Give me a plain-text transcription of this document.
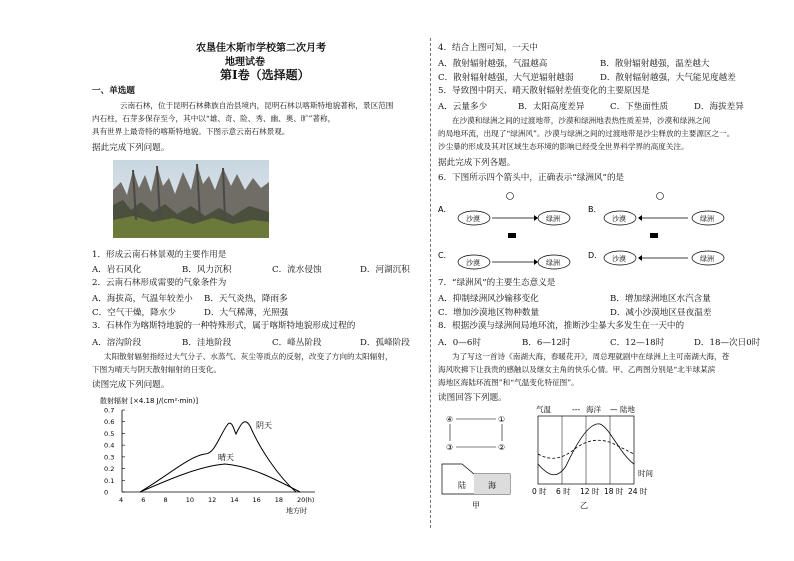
农垦佳木斯市学校第二次月考
地理试卷
第Ⅰ卷（选择题）
一、单选题
云南石林，位于昆明石林彝族自治县境内，昆明石林以喀斯特地貌著称，景区范围
内石柱，石芽多保存至今，其中以“雄、奇、险、秀、幽、奥、旷”著称，
具有世界上最奇特的喀斯特地貌。下图示意云南石林景观。
据此完成下列问题。
1．形成云南石林景观的主要作用是
A．岩石风化	B．风力沉积	C．流水侵蚀	D．河湖沉积
2．云南石林形成需要的气象条件为
A．海拔高，气温年较差小 B．天气炎热，降雨多
C．空气干燥，降水少	D．大气稀薄，光照强
3．石林作为喀斯特地貌的一种特殊形式，属于喀斯特地貌形成过程的
A．溶沟阶段	B．洼地阶段	C．峰丛阶段	D．孤峰阶段
太阳散射辐射指经过大气分子、水蒸气、灰尘等质点的反射，改变了方向的太阳辐射，
下图为晴天与阴天散射辐射的日变化。
读图完成下列问题。
散射辐射 [×4.18 J/(cm²·min)]
0
0.1
0.2
0.3
0.4
0.5
0.6
0.7
4	6	8	10 12 14 16 18 20(h)
阴天
晴天
地方时
4．结合上图可知，一天中
A．散射辐射越强，气温越高	B．散射辐射越强，温差越大
C．散射辐射越强，大气逆辐射越弱	D．散射辐射越强，大气能见度越差
5．导致图中阴天、晴天散射辐射差值变化的主要原因是
A．云量多少	B．太阳高度差异	C．下垫面性质	D．海拔差异
在沙漠和绿洲之间的过渡地带，沙漠和绿洲地表热性质差异，沙漠和绿洲之间
的局地环流，出现了“绿洲风”。沙漠与绿洲之间的过渡地带是沙尘释放的主要源区之一。
沙尘暴的形成及其对区域生态环境的影响已经受全世界科学界的高度关注。
据此完成下列各题。
6．下图所示四个箭头中，正确表示“绿洲风”的是
A．
沙漠	绿洲
B．
沙漠	绿洲
C．
沙漠	绿洲
D． 沙漠	绿洲
7．“绿洲风”的主要生态意义是
A．抑制绿洲风沙输移变化	B．增加绿洲地区水汽含量
C．增加沙漠地区物种数量	D．减小沙漠地区昼夜温差
8．根据沙漠与绿洲间局地环流，推断沙尘暴大多发生在一天中的
A．0—6时	B．6—12时	C．12—18时	D．18—次日0时
为了写这一首诗《南湖大海，春暖花开》，周总理就剧中在绿洲上主可南湖大海，苍
海风吹拂下让我贵的感触以及继女主角的快乐心情。甲、乙两图分别是“北半球某滨
海地区海陆环流图”和“气温变化特征图”。
读图回答下列题。
④	①
③	②
陆	海
甲
气温	--- 海洋 — 陆地
时间
0 时 6 时 12 时 18 时 24 时
乙
